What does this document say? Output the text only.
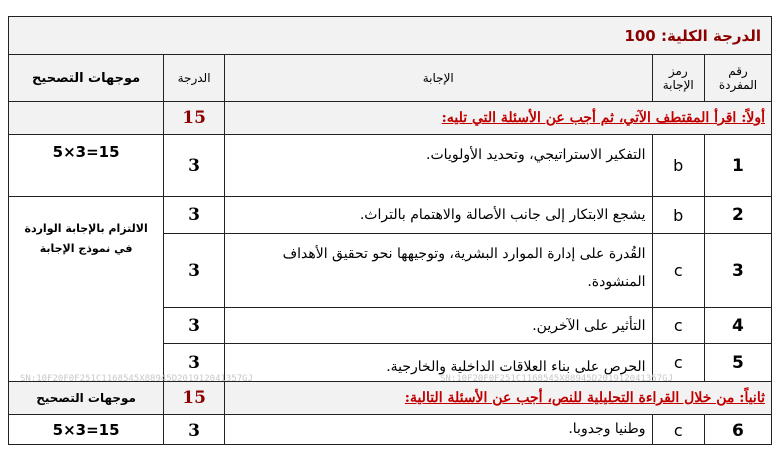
الدرجة الكلية: 100				
رقم المفردة	رمز الإجابة	الإجابة	الدرجة	موجهات التصحيح
أولاً: اقرأ المقتطف الآتي، ثم أجب عن الأسئلة التي تليه:			15	
1	b	التفكير الاستراتيجي، وتحديد الأولويات.	3	15=3×5
2	b	يشجع الابتكار إلى جانب الأصالة والاهتمام بالتراث.	3	الالتزام بالإجابة الواردة في نموذج الإجابة
3	c	القُدرة على إدارة الموارد البشرية، وتوجيهها نحو تحقيق الأهداف المنشودة.	3	
4	c	التأثير على الآخرين.	3	
5	c	الحرص على بناء العلاقات الداخلية والخارجية.	3	
ثانياً: من خلال القراءة التحليلية للنص، أجب عن الأسئلة التالية:			15	موجهات التصحيح
6	c	وطنيا وجدوبا.	3	15=3×5
SN:10F20F0F251C1168545X88945D201912041357GJ	SN:10F20F0F251C1168545X88945D201912041357GJ
